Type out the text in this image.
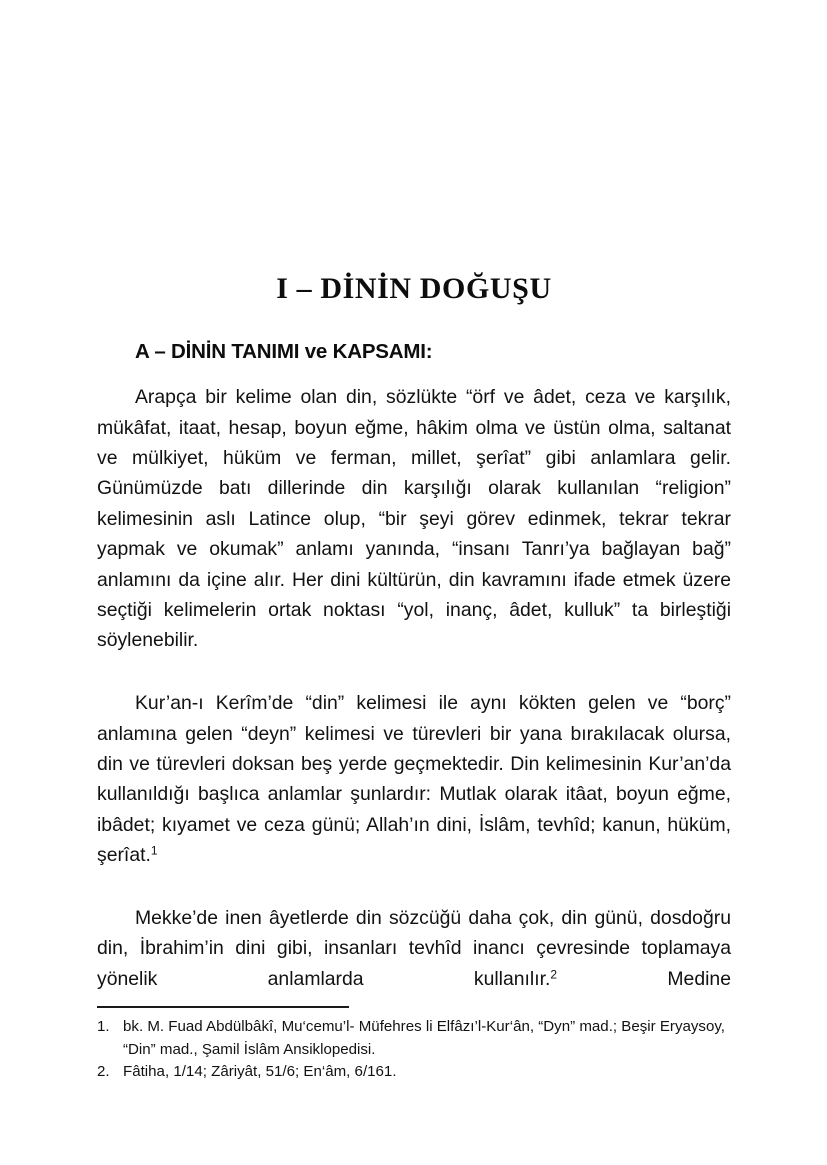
I – DİNİN DOĞUŞU
A – DİNİN TANIMI ve KAPSAMI:

Arapça bir kelime olan din, sözlükte “örf ve âdet, ceza ve karşılık, mükâfat, itaat, hesap, boyun eğme, hâkim olma ve üstün olma, saltanat ve mülkiyet, hüküm ve ferman, millet, şerîat” gibi anlamlara gelir. Günümüzde batı dillerinde din karşılığı olarak kullanılan “religion” kelimesinin aslı Latince olup, “bir şeyi görev edinmek, tekrar tekrar yapmak ve okumak” anlamı yanında, “insanı Tanrı’ya bağlayan bağ” anlamını da içine alır. Her dini kültürün, din kavramını ifade etmek üzere seçtiği kelimelerin ortak noktası “yol, inanç, âdet, kulluk” ta birleştiği söylenebilir.

Kur’an-ı Kerîm’de “din” kelimesi ile aynı kökten gelen ve “borç” anlamına gelen “deyn” kelimesi ve türevleri bir yana bırakılacak olursa, din ve türevleri doksan beş yerde geçmektedir. Din kelimesinin Kur’an’da kullanıldığı başlıca anlamlar şunlardır: Mutlak olarak itâat, boyun eğme, ibâdet; kıyamet ve ceza günü; Allah’ın dini, İslâm, tevhîd; kanun, hüküm, şerîat.$^1$

Mekke’de inen âyetlerde din sözcüğü daha çok, din günü, dosdoğru din, İbrahim’in dini gibi, insanları tevhîd inancı çevresinde toplamaya yönelik anlamlarda kullanılır.$^2$ Medine

1. bk. M. Fuad Abdülbâkî, Mu‘cemu’l- Müfehres li Elfâzı’l-Kur‘ân, “Dyn” mad.; Beşir Eryaysoy, “Din” mad., Şamil İslâm Ansiklopedisi.
2. Fâtiha, 1/14; Zâriyât, 51/6; En‘âm, 6/161.
